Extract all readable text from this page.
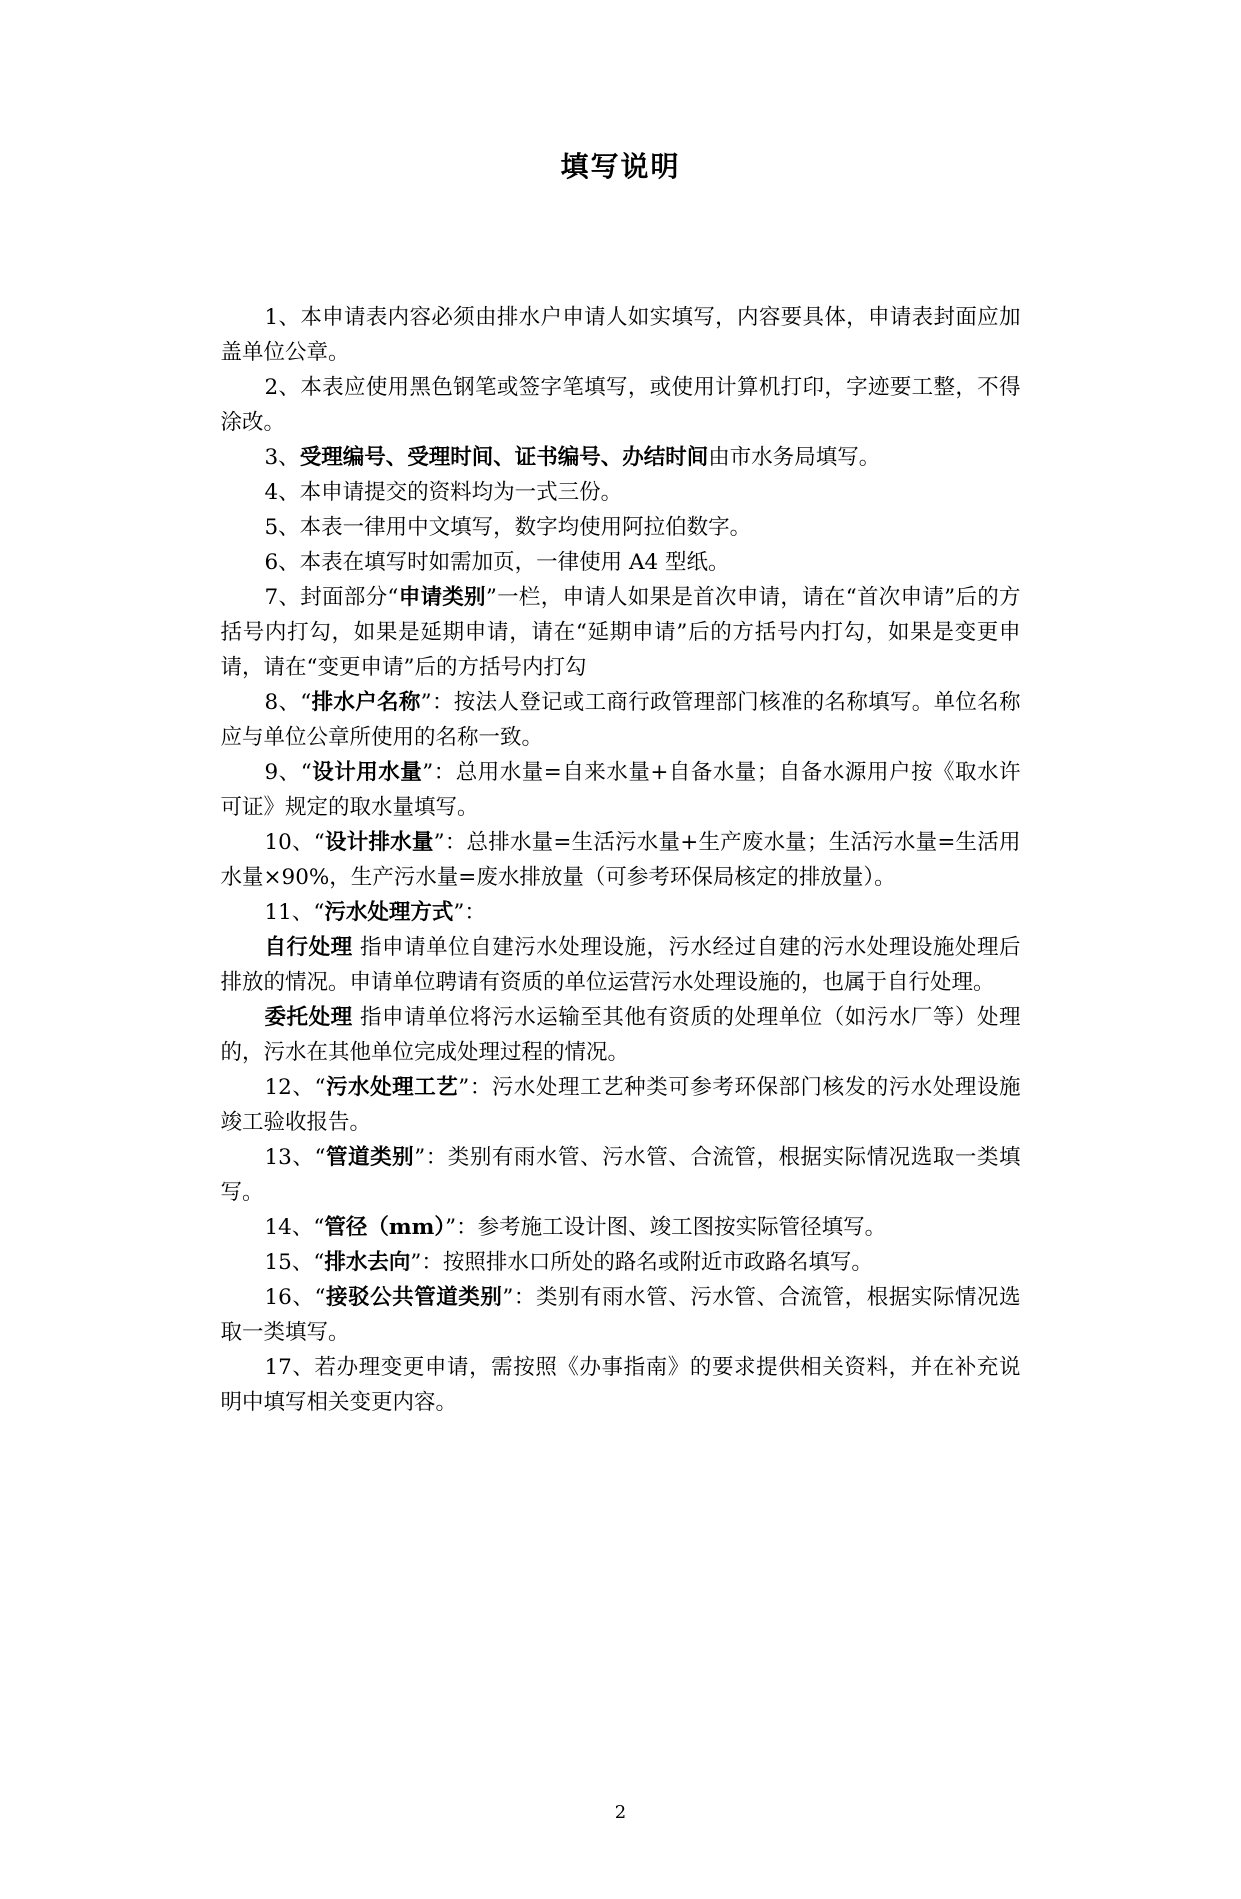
填写说明
1、本申请表内容必须由排水户申请人如实填写，内容要具体，申请表封面应加盖单位公章。
2、本表应使用黑色钢笔或签字笔填写，或使用计算机打印，字迹要工整，不得涂改。
3、受理编号、受理时间、证书编号、办结时间由市水务局填写。
4、本申请提交的资料均为一式三份。
5、本表一律用中文填写，数字均使用阿拉伯数字。
6、本表在填写时如需加页，一律使用 A4 型纸。
7、封面部分“申请类别”一栏，申请人如果是首次申请，请在“首次申请”后的方括号内打勾，如果是延期申请，请在“延期申请”后的方括号内打勾，如果是变更申请，请在“变更申请”后的方括号内打勾
8、“排水户名称”：按法人登记或工商行政管理部门核准的名称填写。单位名称应与单位公章所使用的名称一致。
9、“设计用水量”：总用水量=自来水量+自备水量；自备水源用户按《取水许可证》规定的取水量填写。
10、“设计排水量”：总排水量=生活污水量+生产废水量；生活污水量=生活用水量×90%，生产污水量=废水排放量（可参考环保局核定的排放量）。
11、“污水处理方式”：
自行处理 指申请单位自建污水处理设施，污水经过自建的污水处理设施处理后排放的情况。申请单位聘请有资质的单位运营污水处理设施的，也属于自行处理。
委托处理 指申请单位将污水运输至其他有资质的处理单位（如污水厂等）处理的，污水在其他单位完成处理过程的情况。
12、“污水处理工艺”：污水处理工艺种类可参考环保部门核发的污水处理设施竣工验收报告。
13、“管道类别”：类别有雨水管、污水管、合流管，根据实际情况选取一类填写。
14、“管径（mm）”：参考施工设计图、竣工图按实际管径填写。
15、“排水去向”：按照排水口所处的路名或附近市政路名填写。
16、“接驳公共管道类别”：类别有雨水管、污水管、合流管，根据实际情况选取一类填写。
17、若办理变更申请，需按照《办事指南》的要求提供相关资料，并在补充说明中填写相关变更内容。
2
